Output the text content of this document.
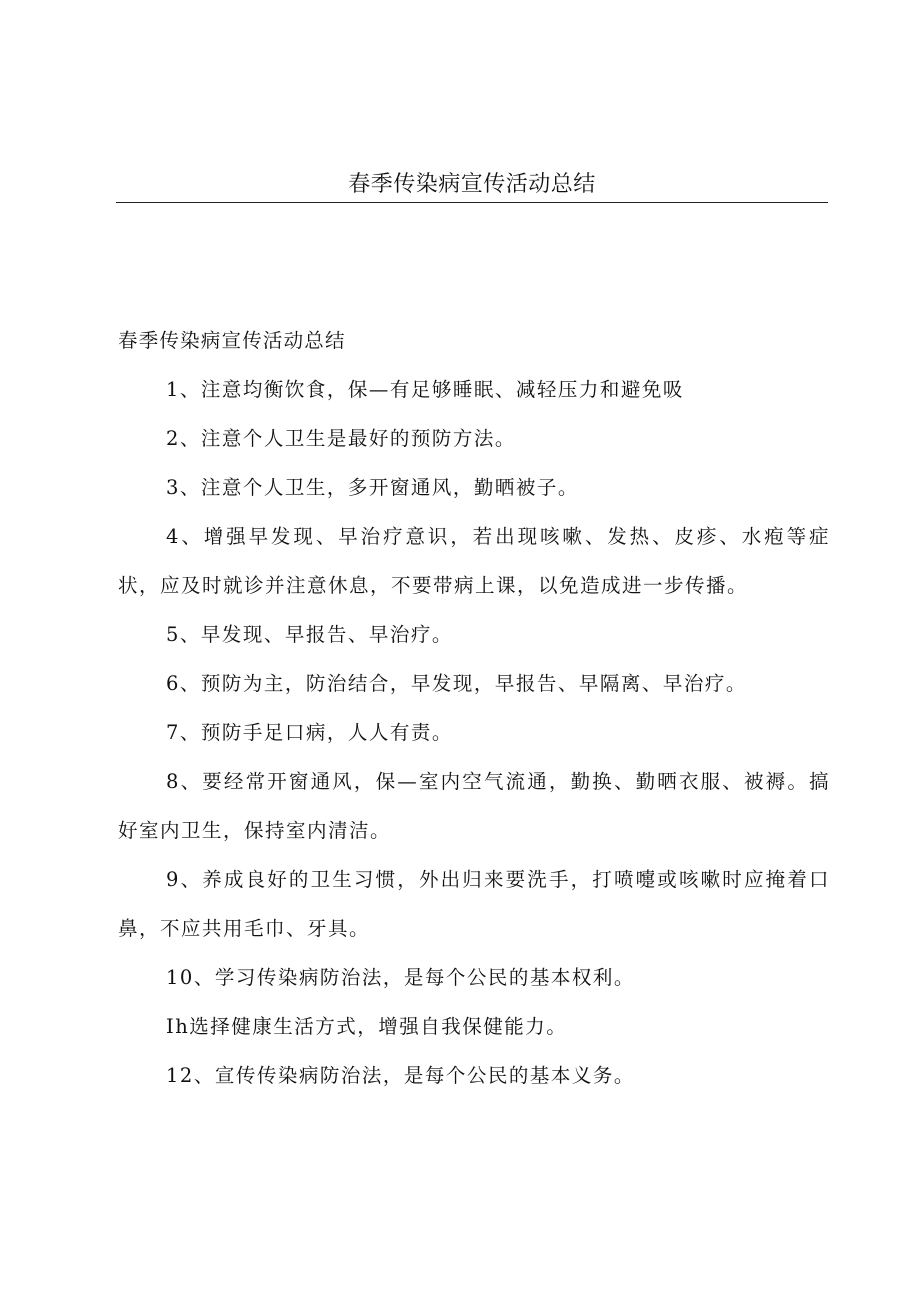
春季传染病宣传活动总结

春季传染病宣传活动总结

1、注意均衡饮食，保—有足够睡眠、减轻压力和避免吸

2、注意个人卫生是最好的预防方法。

3、注意个人卫生，多开窗通风，勤晒被子。

4、增强早发现、早治疗意识，若出现咳嗽、发热、皮疹、水疱等症状，应及时就诊并注意休息，不要带病上课，以免造成进一步传播。

5、早发现、早报告、早治疗。

6、预防为主，防治结合，早发现，早报告、早隔离、早治疗。

7、预防手足口病，人人有责。

8、要经常开窗通风，保—室内空气流通，勤换、勤晒衣服、被褥。搞好室内卫生，保持室内清洁。

9、养成良好的卫生习惯，外出归来要洗手，打喷嚏或咳嗽时应掩着口鼻，不应共用毛巾、牙具。

10、学习传染病防治法，是每个公民的基本权利。

Ih选择健康生活方式，增强自我保健能力。

12、宣传传染病防治法，是每个公民的基本义务。
